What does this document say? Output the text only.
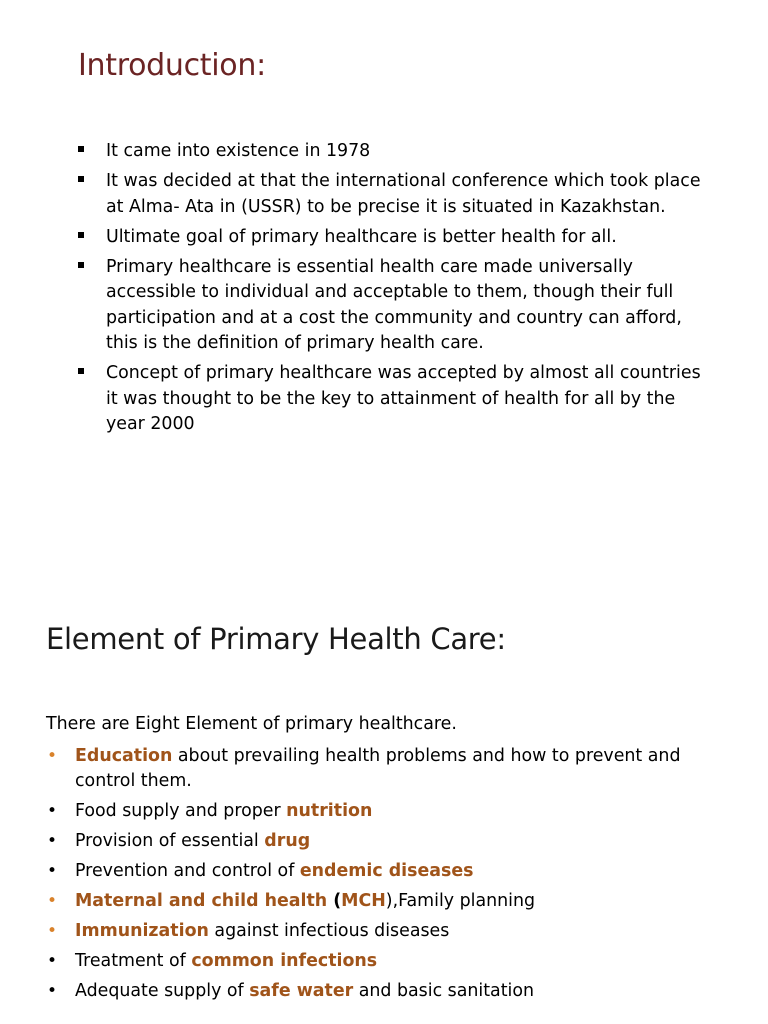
Introduction:
It came into existence in 1978
It was decided at that the international conference which took place at Alma- Ata in (USSR) to be precise it is situated in Kazakhstan.
Ultimate goal of primary healthcare is better health for all.
Primary healthcare is essential health care made universally accessible to individual and acceptable to them, though their full participation and at a cost the community and country can afford, this is the definition of primary health care.
Concept of primary healthcare was accepted by almost all countries it was thought to be the key to attainment of health for all by the year 2000
Element of Primary Health Care:

There are Eight Element of primary healthcare.

• Education about prevailing health problems and how to prevent and control them.
• Food supply and proper nutrition
• Provision of essential drug
• Prevention and control of endemic diseases
• Maternal and child health (MCH),Family planning
• Immunization against infectious diseases
• Treatment of common infections
• Adequate supply of safe water and basic sanitation
